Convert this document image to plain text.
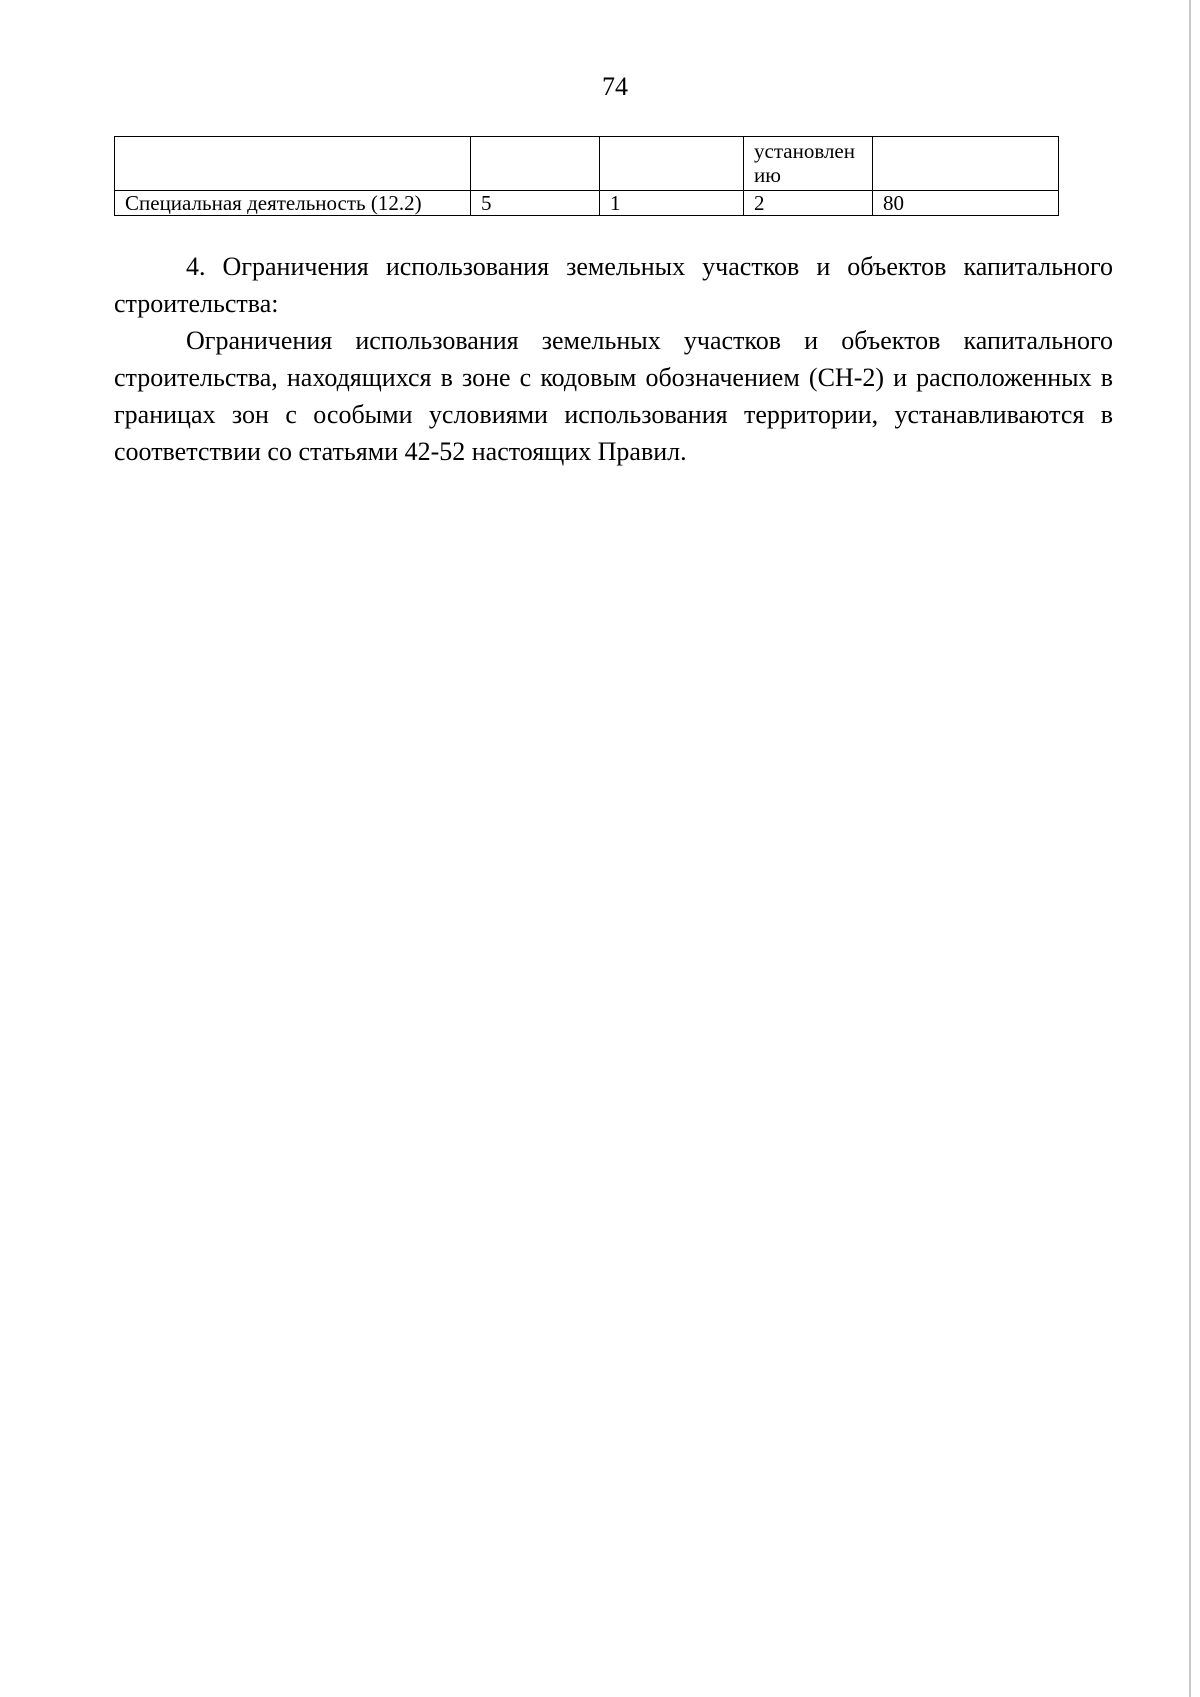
74
			установлен ию	
Специальная деятельность (12.2)	5	1	2	80

4. Ограничения использования земельных участков и объектов капитального строительства:

Ограничения использования земельных участков и объектов капитального строительства, находящихся в зоне с кодовым обозначением (СН-2) и расположенных в границах зон с особыми условиями использования территории, устанавливаются в соответствии со статьями 42-52 настоящих Правил.
